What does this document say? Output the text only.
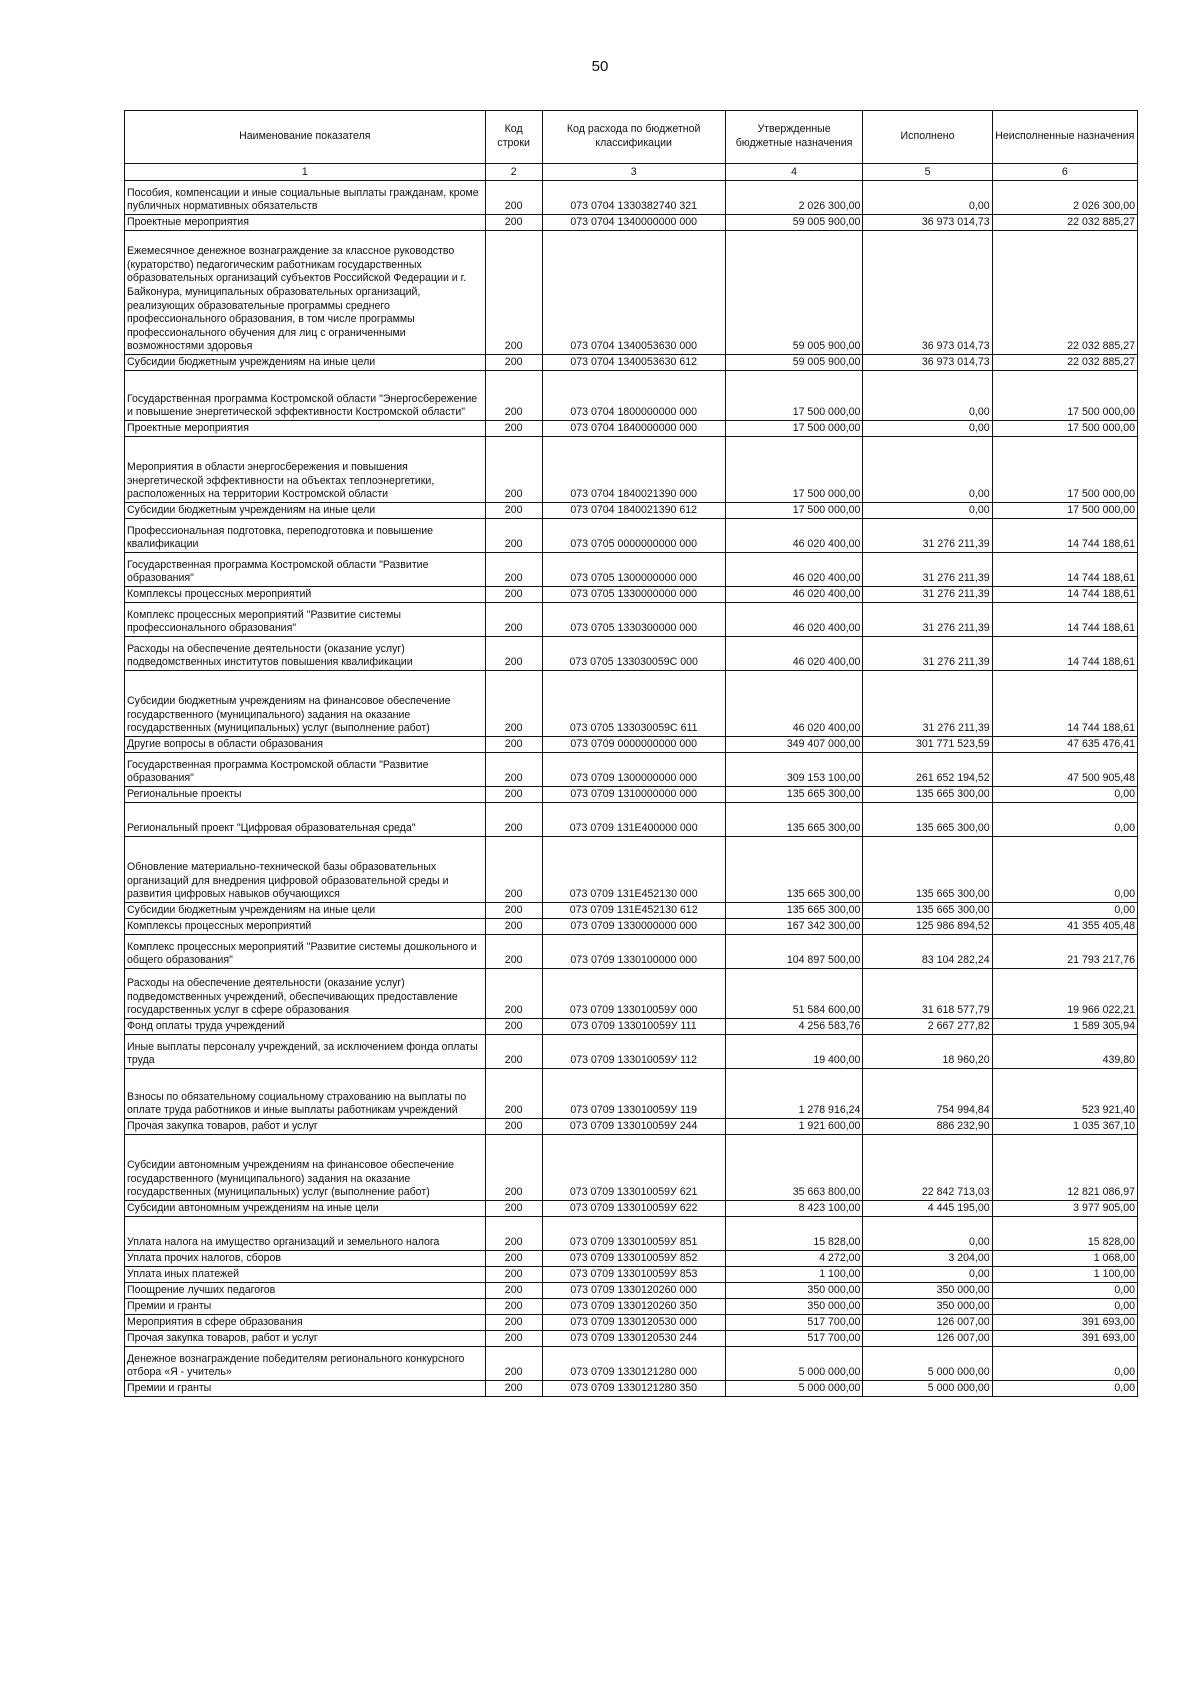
50
Наименование показателя	Код строки	Код расхода по бюджетной классификации	Утвержденные бюджетные назначения	Исполнено	Неисполненные назначения
1	2	3	4	5	6
Пособия, компенсации и иные социальные выплаты гражданам, кроме публичных нормативных обязательств	200	073 0704 1330382740 321	2 026 300,00	0,00	2 026 300,00
Проектные мероприятия	200	073 0704 1340000000 000	59 005 900,00	36 973 014,73	22 032 885,27
Ежемесячное денежное вознаграждение за классное руководство (кураторство) педагогическим работникам государственных образовательных организаций субъектов Российской Федерации и г. Байконура, муниципальных образовательных организаций, реализующих образовательные программы среднего профессионального образования, в том числе программы профессионального обучения для лиц с ограниченными возможностями здоровья	200	073 0704 1340053630 000	59 005 900,00	36 973 014,73	22 032 885,27
Субсидии бюджетным учреждениям на иные цели	200	073 0704 1340053630 612	59 005 900,00	36 973 014,73	22 032 885,27
Государственная программа Костромской области "Энергосбережение и повышение энергетической эффективности Костромской области"	200	073 0704 1800000000 000	17 500 000,00	0,00	17 500 000,00
Проектные мероприятия	200	073 0704 1840000000 000	17 500 000,00	0,00	17 500 000,00
Мероприятия в области энергосбережения и повышения энергетической эффективности на объектах теплоэнергетики, расположенных на территории Костромской области	200	073 0704 1840021390 000	17 500 000,00	0,00	17 500 000,00
Субсидии бюджетным учреждениям на иные цели	200	073 0704 1840021390 612	17 500 000,00	0,00	17 500 000,00
Профессиональная подготовка, переподготовка и повышение квалификации	200	073 0705 0000000000 000	46 020 400,00	31 276 211,39	14 744 188,61
Государственная программа Костромской области "Развитие образования"	200	073 0705 1300000000 000	46 020 400,00	31 276 211,39	14 744 188,61
Комплексы процессных мероприятий	200	073 0705 1330000000 000	46 020 400,00	31 276 211,39	14 744 188,61
Комплекс процессных мероприятий "Развитие системы профессионального образования"	200	073 0705 1330300000 000	46 020 400,00	31 276 211,39	14 744 188,61
Расходы на обеспечение деятельности (оказание услуг) подведомственных институтов повышения квалификации	200	073 0705 133030059С 000	46 020 400,00	31 276 211,39	14 744 188,61
Субсидии бюджетным учреждениям на финансовое обеспечение государственного (муниципального) задания на оказание государственных (муниципальных) услуг (выполнение работ)	200	073 0705 133030059С 611	46 020 400,00	31 276 211,39	14 744 188,61
Другие вопросы в области образования	200	073 0709 0000000000 000	349 407 000,00	301 771 523,59	47 635 476,41
Государственная программа Костромской области "Развитие образования"	200	073 0709 1300000000 000	309 153 100,00	261 652 194,52	47 500 905,48
Региональные проекты	200	073 0709 1310000000 000	135 665 300,00	135 665 300,00	0,00
Региональный проект "Цифровая образовательная среда"	200	073 0709 131Е400000 000	135 665 300,00	135 665 300,00	0,00
Обновление материально-технической базы образовательных организаций для внедрения цифровой образовательной среды и развития цифровых навыков обучающихся	200	073 0709 131Е452130 000	135 665 300,00	135 665 300,00	0,00
Субсидии бюджетным учреждениям на иные цели	200	073 0709 131Е452130 612	135 665 300,00	135 665 300,00	0,00
Комплексы процессных мероприятий	200	073 0709 1330000000 000	167 342 300,00	125 986 894,52	41 355 405,48
Комплекс процессных мероприятий "Развитие системы дошкольного и общего образования"	200	073 0709 1330100000 000	104 897 500,00	83 104 282,24	21 793 217,76
Расходы на обеспечение деятельности (оказание услуг) подведомственных учреждений, обеспечивающих предоставление государственных услуг в сфере образования	200	073 0709 133010059У 000	51 584 600,00	31 618 577,79	19 966 022,21
Фонд оплаты труда учреждений	200	073 0709 133010059У 111	4 256 583,76	2 667 277,82	1 589 305,94
Иные выплаты персоналу учреждений, за исключением фонда оплаты труда	200	073 0709 133010059У 112	19 400,00	18 960,20	439,80
Взносы по обязательному социальному страхованию на выплаты по оплате труда работников и иные выплаты работникам учреждений	200	073 0709 133010059У 119	1 278 916,24	754 994,84	523 921,40
Прочая закупка товаров, работ и услуг	200	073 0709 133010059У 244	1 921 600,00	886 232,90	1 035 367,10
Субсидии автономным учреждениям на финансовое обеспечение государственного (муниципального) задания на оказание государственных (муниципальных) услуг (выполнение работ)	200	073 0709 133010059У 621	35 663 800,00	22 842 713,03	12 821 086,97
Субсидии автономным учреждениям на иные цели	200	073 0709 133010059У 622	8 423 100,00	4 445 195,00	3 977 905,00
Уплата налога на имущество организаций и земельного налога	200	073 0709 133010059У 851	15 828,00	0,00	15 828,00
Уплата прочих налогов, сборов	200	073 0709 133010059У 852	4 272,00	3 204,00	1 068,00
Уплата иных платежей	200	073 0709 133010059У 853	1 100,00	0,00	1 100,00
Поощрение лучших педагогов	200	073 0709 1330120260 000	350 000,00	350 000,00	0,00
Премии и гранты	200	073 0709 1330120260 350	350 000,00	350 000,00	0,00
Мероприятия в сфере образования	200	073 0709 1330120530 000	517 700,00	126 007,00	391 693,00
Прочая закупка товаров, работ и услуг	200	073 0709 1330120530 244	517 700,00	126 007,00	391 693,00
Денежное вознаграждение победителям регионального конкурсного отбора «Я - учитель»	200	073 0709 1330121280 000	5 000 000,00	5 000 000,00	0,00
Премии и гранты	200	073 0709 1330121280 350	5 000 000,00	5 000 000,00	0,00
